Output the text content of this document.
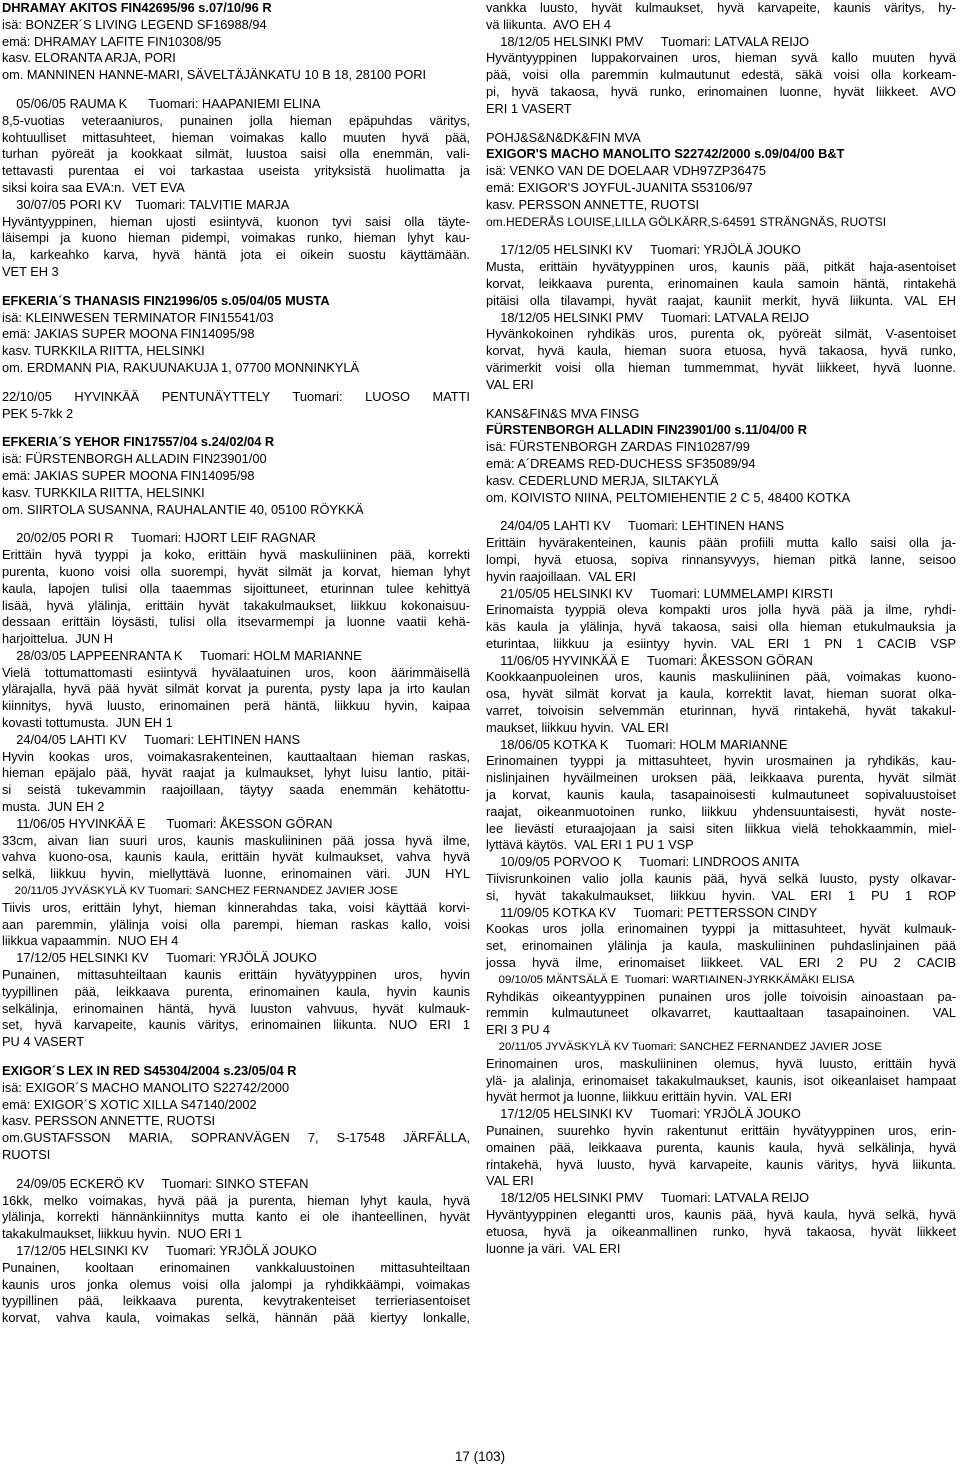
DHRAMAY AKITOS FIN42695/96 s.07/10/96 R
isä: BONZER´S LIVING LEGEND SF16988/94
emä: DHRAMAY LAFITE FIN10308/95
kasv. ELORANTA ARJA, PORI
om. MANNINEN HANNE-MARI, SÄVELTÄJÄNKATU 10 B 18, 28100 PORI
05/06/05 RAUMA K      Tuomari: HAAPANIEMI ELINA
8,5-vuotias veteraaniuros, punainen jolla hieman epäpuhdas väritys,
kohtuulliset mittasuhteet, hieman voimakas kallo muuten hyvä pää,
turhan pyöreät ja kookkaat silmät, luustoa saisi olla enemmän, vali-
tettavasti purentaa ei voi tarkastaa useista yrityksistä huolimatta ja
siksi koira saa EVA:n.  VET EVA
30/07/05 PORI KV    Tuomari: TALVITIE MARJA
Hyväntyyppinen, hieman ujosti esiintyvä, kuonon tyvi saisi olla täyte-
läisempi ja kuono hieman pidempi, voimakas runko, hieman lyhyt kau-
la, karkeahko karva, hyvä häntä jota ei oikein suostu käyttämään.
VET EH 3
EFKERIA´S THANASIS FIN21996/05 s.05/04/05 MUSTA
isä: KLEINWESEN TERMINATOR FIN15541/03
emä: JAKIAS SUPER MOONA FIN14095/98
kasv. TURKKILA RIITTA, HELSINKI
om. ERDMANN PIA, RAKUUNAKUJA 1, 07700 MONNINKYLÄ
22/10/05 HYVINKÄÄ PENTUNÄYTTELY Tuomari: LUOSO MATTI
PEK 5-7kk 2
EFKERIA´S YEHOR FIN17557/04 s.24/02/04 R
isä: FÜRSTENBORGH ALLADIN FIN23901/00
emä: JAKIAS SUPER MOONA FIN14095/98
kasv. TURKKILA RIITTA, HELSINKI
om. SIIRTOLA SUSANNA, RAUHALANTIE 40, 05100 RÖYKKÄ
20/02/05 PORI R     Tuomari: HJORT LEIF RAGNAR
Erittäin hyvä tyyppi ja koko, erittäin hyvä maskuliininen pää, korrekti
purenta, kuono voisi olla suorempi, hyvät silmät ja korvat, hieman lyhyt
kaula, lapojen tulisi olla taaemmas sijoittuneet, eturinnan tulee kehittyä
lisää, hyvä ylälinja, erittäin hyvät takakulmaukset, liikkuu kokonaisuu-
dessaan erittäin löysästi, tulisi olla itsevarmempi ja luonne vaatii kehä-
harjoittelua.  JUN H
28/03/05 LAPPEENRANTA K     Tuomari: HOLM MARIANNE
Vielä tottumattomasti esiintyvä hyvälaatuinen uros, koon äärimmäisellä
ylärajalla, hyvä pää hyvät silmät korvat ja purenta, pysty lapa ja irto kaulan
kiinnitys, hyvä luusto, erinomainen perä häntä, liikkuu hyvin, kaipaa
kovasti tottumusta.  JUN EH 1
24/04/05 LAHTI KV     Tuomari: LEHTINEN HANS
Hyvin kookas uros, voimakasrakenteinen, kauttaaltaan hieman raskas,
hieman epäjalo pää, hyvät raajat ja kulmaukset, lyhyt luisu lantio, pitäi-
si seistä tukevammin raajoillaan, täytyy saada enemmän kehätottu-
musta.  JUN EH 2
11/06/05 HYVINKÄÄ E      Tuomari: ÅKESSON GÖRAN
33cm, aivan lian suuri uros, kaunis maskuliininen pää jossa hyvä ilme,
vahva kuono-osa, kaunis kaula, erittäin hyvät kulmaukset, vahva hyvä
selkä, liikkuu hyvin, miellyttävä luonne, erinomainen väri. JUN HYL
20/11/05 JYVÄSKYLÄ KV Tuomari: SANCHEZ FERNANDEZ JAVIER JOSE
Tiivis uros, erittäin lyhyt, hieman kinnerahdas taka, voisi käyttää korvi-
aan paremmin, ylälinja voisi olla parempi, hieman raskas kallo, voisi
liikkua vapaammin.  NUO EH 4
17/12/05 HELSINKI KV     Tuomari: YRJÖLÄ JOUKO
Punainen, mittasuhteiltaan kaunis erittäin hyvätyyppinen uros, hyvin
tyypillinen pää, leikkaava purenta, erinomainen kaula, hyvin kaunis
selkälinja, erinomainen häntä, hyvä luuston vahvuus, hyvät kulmauk-
set, hyvä karvapeite, kaunis väritys, erinomainen liikunta. NUO ERI 1
PU 4 VASERT
EXIGOR´S LEX IN RED S45304/2004 s.23/05/04 R
isä: EXIGOR´S MACHO MANOLITO S22742/2000
emä: EXIGOR´S XOTIC XILLA S47140/2002
kasv. PERSSON ANNETTE, RUOTSI
om.GUSTAFSSON MARIA, SOPRANVÄGEN 7, S-17548 JÄRFÄLLA,
RUOTSI
24/09/05 ECKERÖ KV     Tuomari: SINKO STEFAN
16kk, melko voimakas, hyvä pää ja purenta, hieman lyhyt kaula, hyvä
ylälinja, korrekti hännänkiinnitys mutta kanto ei ole ihanteellinen, hyvät
takakulmaukset, liikkuu hyvin.  NUO ERI 1
17/12/05 HELSINKI KV     Tuomari: YRJÖLÄ JOUKO
Punainen, kooltaan erinomainen vankkaluustoinen mittasuhteiltaan
kaunis uros jonka olemus voisi olla jalompi ja ryhdikkäämpi, voimakas
tyypillinen pää, leikkaava purenta, kevytrakenteiset terrieriasentoiset
korvat, vahva kaula, voimakas selkä, hännän pää kiertyy lonkalle,
vankka luusto, hyvät kulmaukset, hyvä karvapeite, kaunis väritys, hy-
vä liikunta.  AVO EH 4
18/12/05 HELSINKI PMV     Tuomari: LATVALA REIJO
Hyväntyyppinen luppakorvainen uros, hieman syvä kallo muuten hyvä
pää, voisi olla paremmin kulmautunut edestä, säkä voisi olla korkeam-
pi, hyvä takaosa, hyvä runko, erinomainen luonne, hyvät liikkeet. AVO
ERI 1 VASERT
POHJ&S&N&DK&FIN MVA
EXIGOR'S MACHO MANOLITO S22742/2000 s.09/04/00 B&T
isä: VENKO VAN DE DOELAAR VDH97ZP36475
emä: EXIGOR'S JOYFUL-JUANITA S53106/97
kasv. PERSSON ANNETTE, RUOTSI
om.HEDERÅS LOUISE,LILLA GÖLKÄRR,S-64591 STRÄNGNÄS, RUOTSI
17/12/05 HELSINKI KV     Tuomari: YRJÖLÄ JOUKO
Musta, erittäin hyvätyyppinen uros, kaunis pää, pitkät haja-asentoiset
korvat, leikkaava purenta, erinomainen kaula samoin häntä, rintakehä
pitäisi olla tilavampi, hyvät raajat, kauniit merkit, hyvä liikunta. VAL EH
18/12/05 HELSINKI PMV     Tuomari: LATVALA REIJO
Hyvänkokoinen ryhdikäs uros, purenta ok, pyöreät silmät, V-asentoiset
korvat, hyvä kaula, hieman suora etuosa, hyvä takaosa, hyvä runko,
värimerkit voisi olla hieman tummemmat, hyvät liikkeet, hyvä luonne.
VAL ERI
KANS&FIN&S MVA FINSG
FÜRSTENBORGH ALLADIN FIN23901/00 s.11/04/00 R
isä: FÜRSTENBORGH ZARDAS FIN10287/99
emä: A´DREAMS RED-DUCHESS SF35089/94
kasv. CEDERLUND MERJA, SILTAKYLÄ
om. KOIVISTO NIINA, PELTOMIEHENTIE 2 C 5, 48400 KOTKA
24/04/05 LAHTI KV     Tuomari: LEHTINEN HANS
Erittäin hyvärakenteinen, kaunis pään profiili mutta kallo saisi olla ja-
lompi, hyvä etuosa, sopiva rinnansyvyys, hieman pitkä lanne, seisoo
hyvin raajoillaan.  VAL ERI
21/05/05 HELSINKI KV     Tuomari: LUMMELAMPI KIRSTI
Erinomaista tyyppiä oleva kompakti uros jolla hyvä pää ja ilme, ryhdi-
käs kaula ja ylälinja, hyvä takaosa, saisi olla hieman etukulmauksia ja
eturintaa, liikkuu ja esiintyy hyvin. VAL ERI 1 PN 1 CACIB VSP
11/06/05 HYVINKÄÄ E     Tuomari: ÅKESSON GÖRAN
Kookkaanpuoleinen uros, kaunis maskuliininen pää, voimakas kuono-
osa, hyvät silmät korvat ja kaula, korrektit lavat, hieman suorat olka-
varret, toivoisin selvemmän eturinnan, hyvä rintakehä, hyvät takakul-
maukset, liikkuu hyvin.  VAL ERI
18/06/05 KOTKA K     Tuomari: HOLM MARIANNE
Erinomainen tyyppi ja mittasuhteet, hyvin urosmainen ja ryhdikäs, kau-
nislinjainen hyväilmeinen uroksen pää, leikkaava purenta, hyvät silmät
ja korvat, kaunis kaula, tasapainoisesti kulmautuneet sopivaluustoiset
raajat, oikeanmuotoinen runko, liikkuu yhdensuuntaisesti, hyvät noste-
lee lievästi eturaajojaan ja saisi siten liikkua vielä tehokkaammin, miel-
lyttävä käytös.  VAL ERI 1 PU 1 VSP
10/09/05 PORVOO K     Tuomari: LINDROOS ANITA
Tiivisrunkoinen valio jolla kaunis pää, hyvä selkä luusto, pysty olkavar-
si, hyvät takakulmaukset, liikkuu hyvin. VAL ERI 1 PU 1 ROP
11/09/05 KOTKA KV     Tuomari: PETTERSSON CINDY
Kookas uros jolla erinomainen tyyppi ja mittasuhteet, hyvät kulmauk-
set, erinomainen ylälinja ja kaula, maskuliininen puhdaslinjainen pää
jossa hyvä ilme, erinomaiset liikkeet. VAL ERI 2 PU 2 CACIB
09/10/05 MÄNTSÄLÄ E  Tuomari: WARTIAINEN-JYRKKÄMÄKI ELISA
Ryhdikäs oikeantyyppinen punainen uros jolle toivoisin ainoastaan pa-
remmin kulmautuneet olkavarret, kauttaaltaan tasapainoinen. VAL
ERI 3 PU 4
20/11/05 JYVÄSKYLÄ KV Tuomari: SANCHEZ FERNANDEZ JAVIER JOSE
Erinomainen uros, maskuliininen olemus, hyvä luusto, erittäin hyvä
ylä- ja alalinja, erinomaiset takakulmaukset, kaunis, isot oikeanlaiset hampaat
hyvät hermot ja luonne, liikkuu erittäin hyvin.  VAL ERI
17/12/05 HELSINKI KV     Tuomari: YRJÖLÄ JOUKO
Punainen, suurehko hyvin rakentunut erittäin hyvätyyppinen uros, erin-
omainen pää, leikkaava purenta, kaunis kaula, hyvä selkälinja, hyvä
rintakehä, hyvä luusto, hyvä karvapeite, kaunis väritys, hyvä liikunta.
VAL ERI
18/12/05 HELSINKI PMV     Tuomari: LATVALA REIJO
Hyväntyyppinen elegantti uros, kaunis pää, hyvä kaula, hyvä selkä, hyvä
etuosa, hyvä ja oikeanmallinen runko, hyvä takaosa, hyvät liikkeet
luonne ja väri.  VAL ERI
17 (103)
